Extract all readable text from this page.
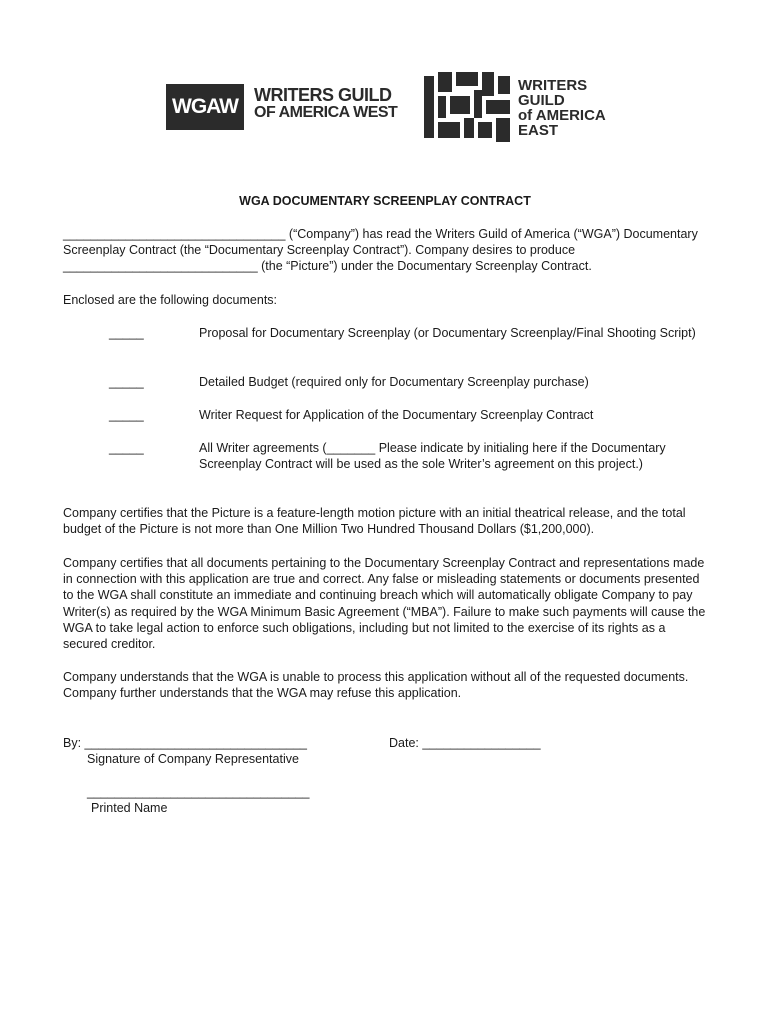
WGAW WRITERS GUILD
OF AMERICA WEST
WRITERS
GUILD
of AMERICA
EAST
WGA DOCUMENTARY SCREENPLAY CONTRACT

________________________________ (“Company”) has read the Writers Guild of America (“WGA”) Documentary Screenplay Contract (the “Documentary Screenplay Contract”). Company desires to produce ____________________________ (the “Picture”) under the Documentary Screenplay Contract.

Enclosed are the following documents:

_____	Proposal for Documentary Screenplay (or Documentary Screenplay/Final Shooting Script)

_____	Detailed Budget (required only for Documentary Screenplay purchase)

_____	Writer Request for Application of the Documentary Screenplay Contract

_____	All Writer agreements (_______ Please indicate by initialing here if the Documentary Screenplay Contract will be used as the sole Writer’s agreement on this project.)

Company certifies that the Picture is a feature-length motion picture with an initial theatrical release, and the total budget of the Picture is not more than One Million Two Hundred Thousand Dollars ($1,200,000).

Company certifies that all documents pertaining to the Documentary Screenplay Contract and representations made in connection with this application are true and correct. Any false or misleading statements or documents presented to the WGA shall constitute an immediate and continuing breach which will automatically obligate Company to pay Writer(s) as required by the WGA Minimum Basic Agreement (“MBA”). Failure to make such payments will cause the WGA to take legal action to enforce such obligations, including but not limited to the exercise of its rights as a secured creditor.

Company understands that the WGA is unable to process this application without all of the requested documents. Company further understands that the WGA may refuse this application.

By: ________________________________	Date: _________________
Signature of Company Representative
________________________________
Printed Name
